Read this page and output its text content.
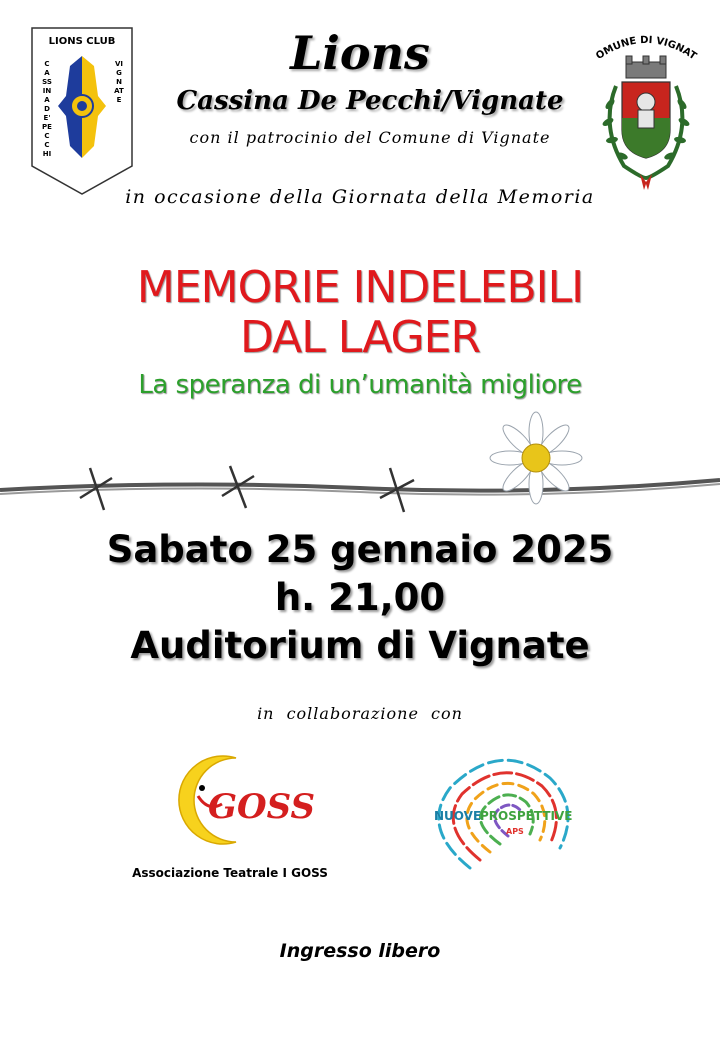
LIONS CLUB
CASSINA DE' PECCHI
VIGNATE
Lions
Cassina De Pecchi/Vignate
con il patrocinio del Comune di Vignate
OMUNE DI VIGNAT
in occasione della Giornata della Memoria
MEMORIE INDELEBILI
DAL LAGER
La speranza di un’umanità migliore
Sabato 25 gennaio 2025
h. 21,00
Auditorium di Vignate
in collaborazione con
GOSS
Associazione Teatrale I GOSS
NUOVE
PROSPETTIVE
APS
Ingresso libero
